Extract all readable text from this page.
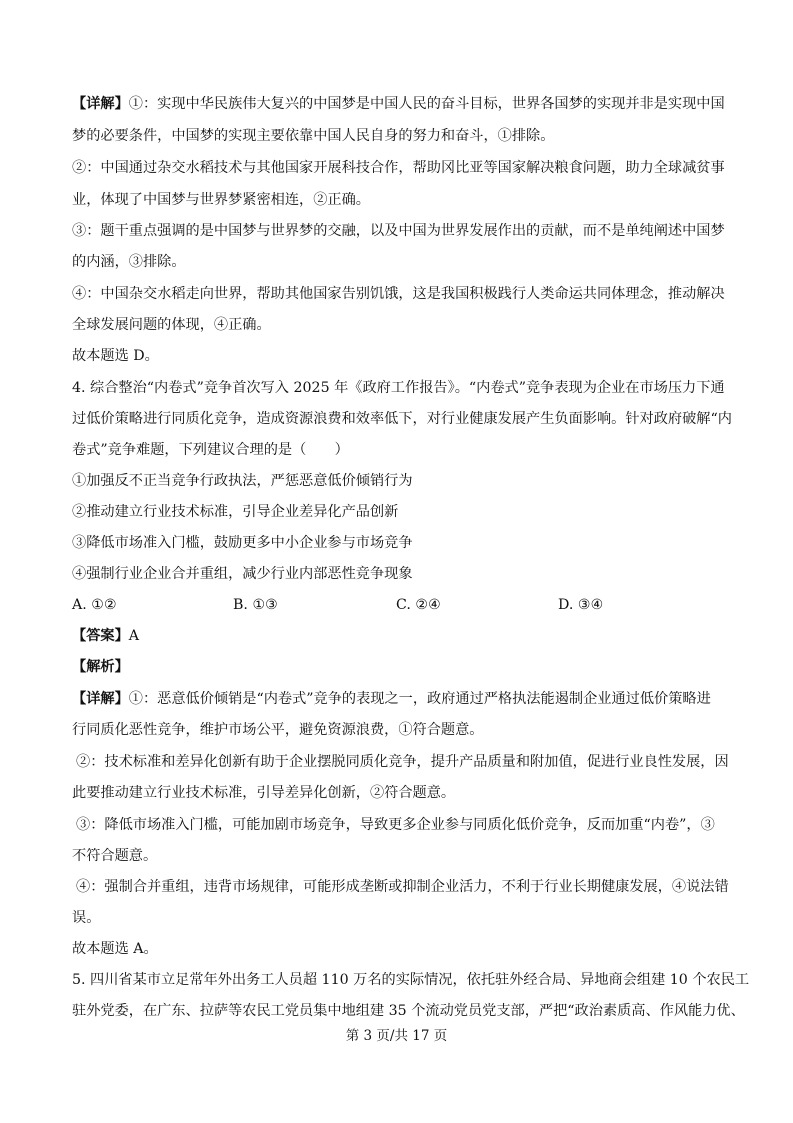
【详解】①：实现中华民族伟大复兴的中国梦是中国人民的奋斗目标，世界各国梦的实现并非是实现中国
梦的必要条件，中国梦的实现主要依靠中国人民自身的努力和奋斗，①排除。
②：中国通过杂交水稻技术与其他国家开展科技合作，帮助冈比亚等国家解决粮食问题，助力全球减贫事
业，体现了中国梦与世界梦紧密相连，②正确。
③：题干重点强调的是中国梦与世界梦的交融，以及中国为世界发展作出的贡献，而不是单纯阐述中国梦
的内涵，③排除。
④：中国杂交水稻走向世界，帮助其他国家告别饥饿，这是我国积极践行人类命运共同体理念，推动解决
全球发展问题的体现，④正确。
故本题选 D。
4. 综合整治“内卷式”竞争首次写入 2025 年《政府工作报告》。“内卷式”竞争表现为企业在市场压力下通
过低价策略进行同质化竞争，造成资源浪费和效率低下，对行业健康发展产生负面影响。针对政府破解“内
卷式”竞争难题，下列建议合理的是（　　）
①加强反不正当竞争行政执法，严惩恶意低价倾销行为
②推动建立行业技术标准，引导企业差异化产品创新
③降低市场准入门槛，鼓励更多中小企业参与市场竞争
④强制行业企业合并重组，减少行业内部恶性竞争现象
A. ①②	B. ①③	C. ②④	D. ③④
【答案】A
【解析】
【详解】①：恶意低价倾销是“内卷式”竞争的表现之一，政府通过严格执法能遏制企业通过低价策略进
行同质化恶性竞争，维护市场公平，避免资源浪费，①符合题意。
②：技术标准和差异化创新有助于企业摆脱同质化竞争，提升产品质量和附加值，促进行业良性发展，因
此要推动建立行业技术标准，引导差异化创新，②符合题意。
③：降低市场准入门槛，可能加剧市场竞争，导致更多企业参与同质化低价竞争，反而加重“内卷”，③
不符合题意。
④：强制合并重组，违背市场规律，可能形成垄断或抑制企业活力，不利于行业长期健康发展，④说法错
误。
故本题选 A。
5. 四川省某市立足常年外出务工人员超 110 万名的实际情况，依托驻外经合局、异地商会组建 10 个农民工
驻外党委，在广东、拉萨等农民工党员集中地组建 35 个流动党员党支部，严把“政治素质高、作风能力优、
第 3 页/共 17 页
